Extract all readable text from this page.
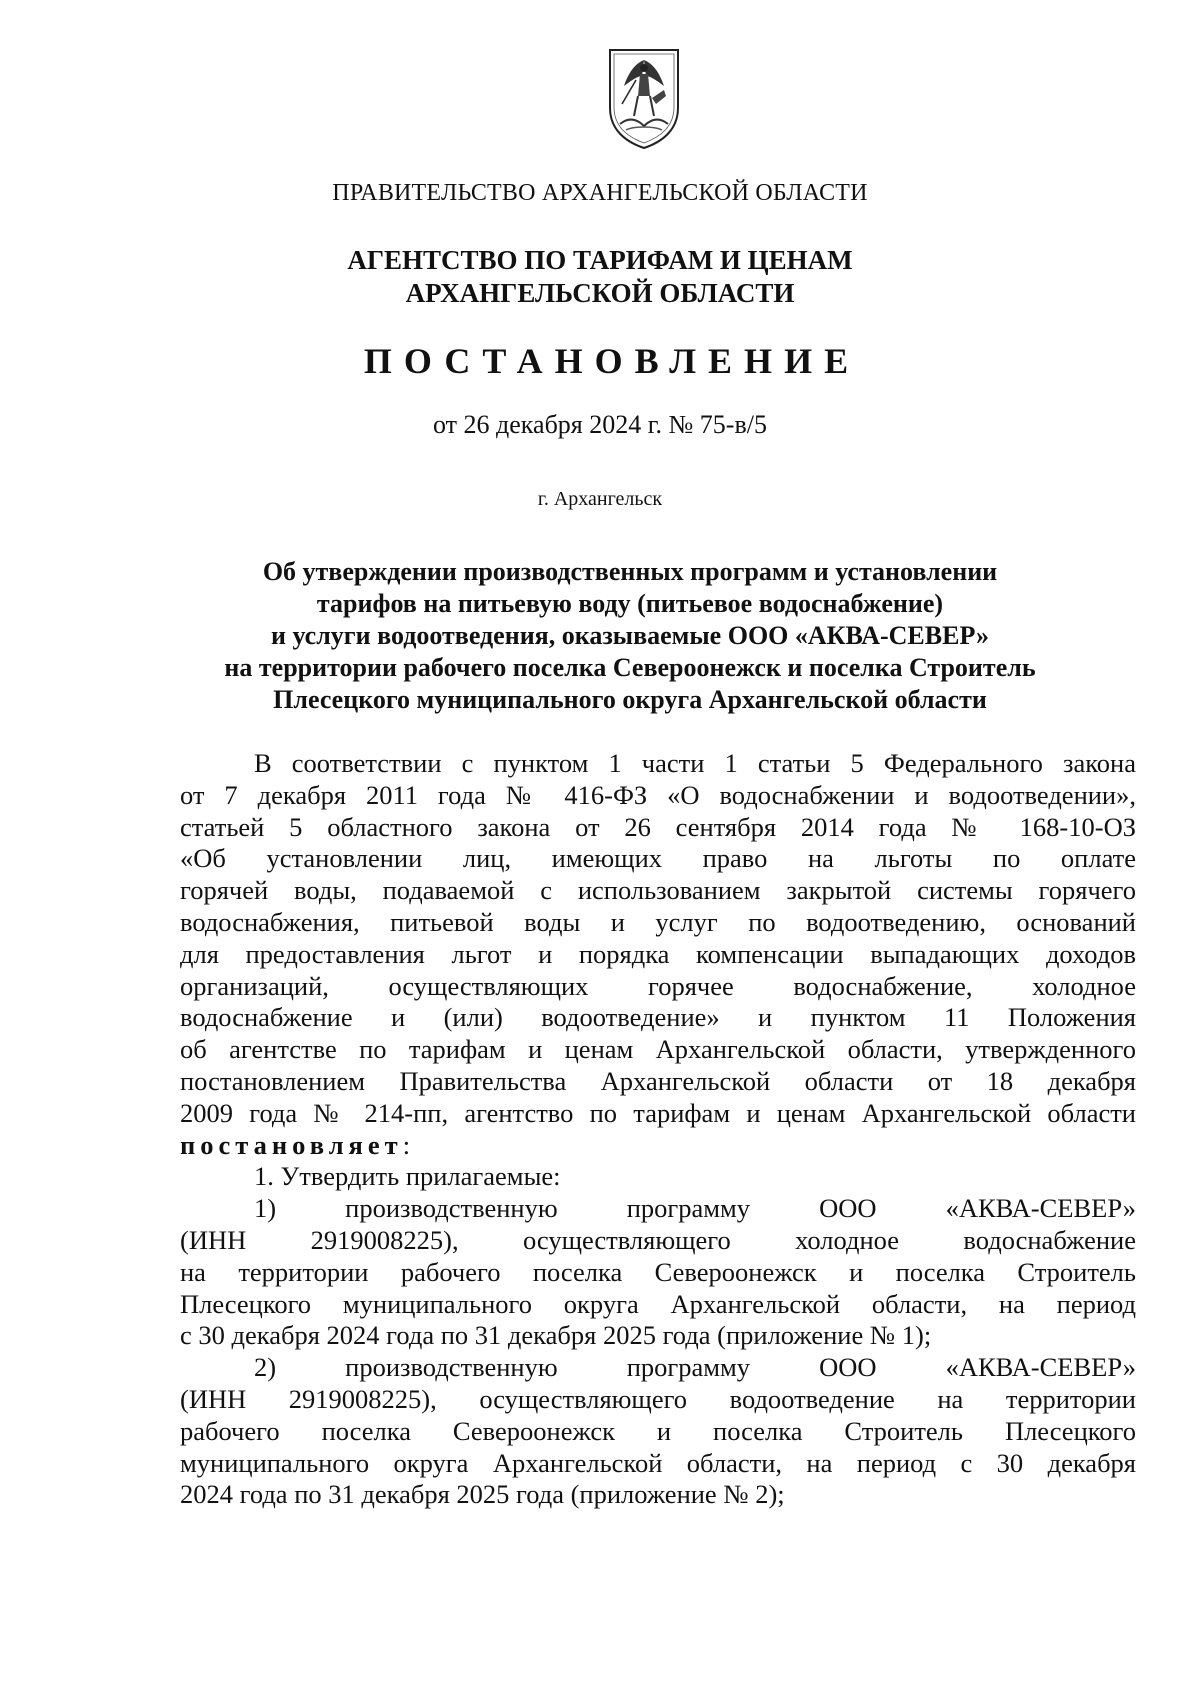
ПРАВИТЕЛЬСТВО АРХАНГЕЛЬСКОЙ ОБЛАСТИ
АГЕНТСТВО ПО ТАРИФАМ И ЦЕНАМ
АРХАНГЕЛЬСКОЙ ОБЛАСТИ
ПОСТАНОВЛЕНИЕ
от 26 декабря 2024 г. № 75-в/5
г. Архангельск
Об утверждении производственных программ и установлении
тарифов на питьевую воду (питьевое водоснабжение)
и услуги водоотведения, оказываемые ООО «АКВА-СЕВЕР»
на территории рабочего поселка Североонежск и поселка Строитель
Плесецкого муниципального округа Архангельской области
В соответствии с пунктом 1 части 1 статьи 5 Федерального закона
от 7 декабря 2011 года № 416-ФЗ «О водоснабжении и водоотведении»,
статьей 5 областного закона от 26 сентября 2014 года № 168-10-ОЗ
«Об установлении лиц, имеющих право на льготы по оплате
горячей воды, подаваемой с использованием закрытой системы горячего
водоснабжения, питьевой воды и услуг по водоотведению, оснований
для предоставления льгот и порядка компенсации выпадающих доходов
организаций, осуществляющих горячее водоснабжение, холодное
водоснабжение и (или) водоотведение» и пунктом 11 Положения
об агентстве по тарифам и ценам Архангельской области, утвержденного
постановлением Правительства Архангельской области от 18 декабря
2009 года № 214-пп, агентство по тарифам и ценам Архангельской области
постановляет:
1. Утвердить прилагаемые:
1) производственную программу ООО «АКВА-СЕВЕР»
(ИНН 2919008225), осуществляющего холодное водоснабжение
на территории рабочего поселка Североонежск и поселка Строитель
Плесецкого муниципального округа Архангельской области, на период
с 30 декабря 2024 года по 31 декабря 2025 года (приложение № 1);
2) производственную программу ООО «АКВА-СЕВЕР»
(ИНН 2919008225), осуществляющего водоотведение на территории
рабочего поселка Североонежск и поселка Строитель Плесецкого
муниципального округа Архангельской области, на период с 30 декабря
2024 года по 31 декабря 2025 года (приложение № 2);
